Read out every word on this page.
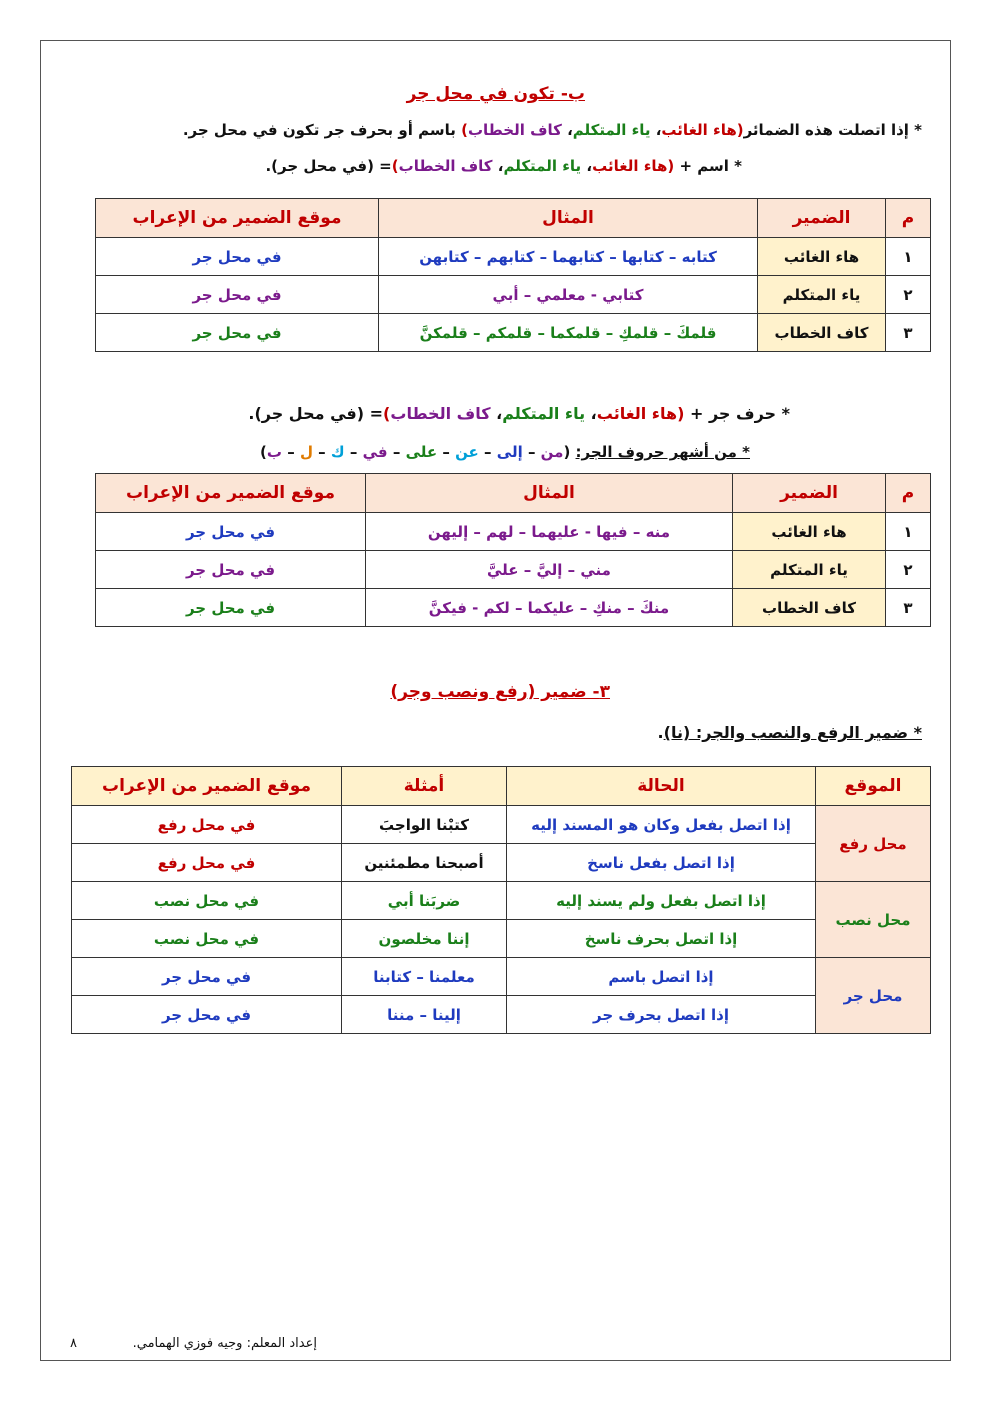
ب- تكون في محل جر
* إذا اتصلت هذه الضمائر(هاء الغائب، ياء المتكلم، كاف الخطاب) باسم أو بحرف جر تكون في محل جر.
* اسم + (هاء الغائب، ياء المتكلم، كاف الخطاب)= (في محل جر).
م	الضمير	المثال	موقع الضمير من الإعراب
١	هاء الغائب	كتابه – كتابها – كتابهما – كتابهم – كتابهن	في محل جر
٢	ياء المتكلم	كتابي - معلمي – أبي	في محل جر
٣	كاف الخطاب	قلمكَ – قلمكِ – قلمكما – قلمكم – قلمكنَّ	في محل جر
* حرف جر + (هاء الغائب، ياء المتكلم، كاف الخطاب)= (في محل جر).
* من أشهر حروف الجر: (من – إلى – عن – على – في – ك – ل – ب)
م	الضمير	المثال	موقع الضمير من الإعراب
١	هاء الغائب	منه – فيها - عليهما – لهم – إليهن	في محل جر
٢	ياء المتكلم	مني – إليَّ – عليَّ	في محل جر
٣	كاف الخطاب	منكَ – منكِ – عليكما – لكم - فيكنَّ	في محل جر
٣- ضمير (رفع ونصب وجر)
* ضمير الرفع والنصب والجر: (نا).
الموقع	الحالة	أمثلة	موقع الضمير من الإعراب
محل رفع	إذا اتصل بفعل وكان هو المسند إليه	كتبْنا الواجبَ	في محل رفع
	إذا اتصل بفعل ناسخ	أصبحنا مطمئنين	في محل رفع
محل نصب	إذا اتصل بفعل ولم يسند إليه	ضربَنا أبي	في محل نصب
	إذا اتصل بحرف ناسخ	إننا مخلصون	في محل نصب
محل جر	إذا اتصل باسم	معلمنا – كتابنا	في محل جر
	إذا اتصل بحرف جر	إلينا – مننا	في محل جر
إعداد المعلم: وجيه فوزي الهمامي.
٨
